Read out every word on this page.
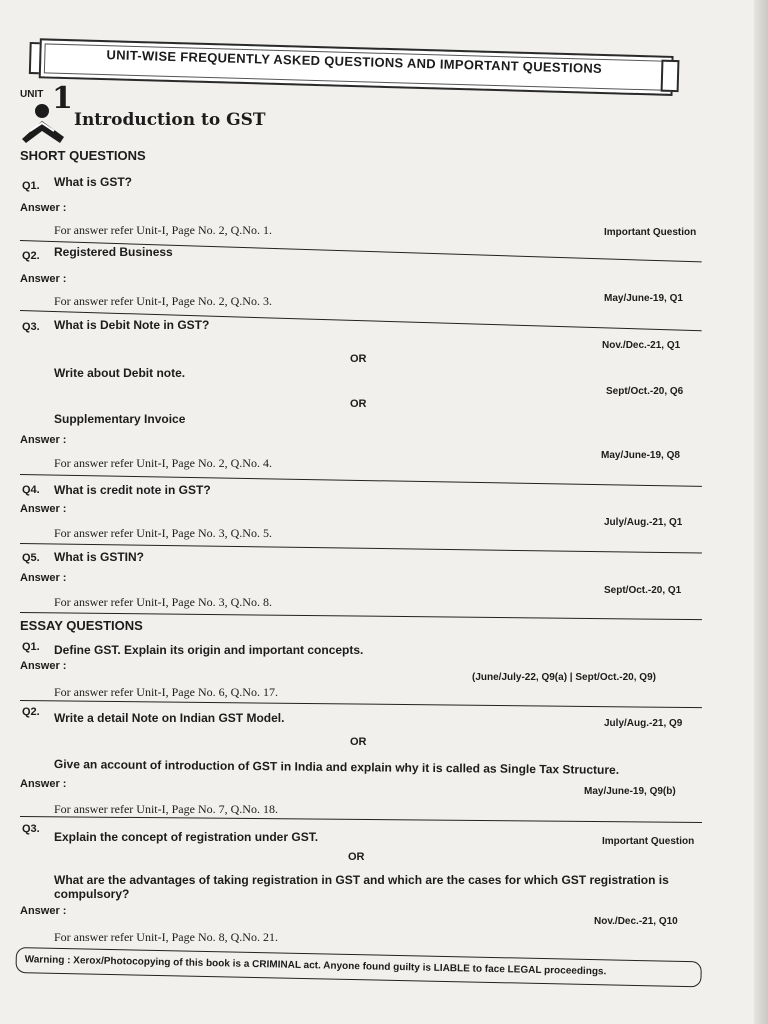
UNIT-WISE FREQUENTLY ASKED QUESTIONS AND IMPORTANT QUESTIONS
UNIT 1
Introduction to GST
SHORT QUESTIONS
Q1. What is GST?
Answer :
For answer refer Unit-I, Page No. 2, Q.No. 1.	Important Question
Q2. Registered Business
Answer :
For answer refer Unit-I, Page No. 2, Q.No. 3.	May/June-19, Q1
Q3. What is Debit Note in GST?
Nov./Dec.-21, Q1
OR
Write about Debit note.
Sept/Oct.-20, Q6
OR
Supplementary Invoice
Answer :
May/June-19, Q8
For answer refer Unit-I, Page No. 2, Q.No. 4.
Q4. What is credit note in GST?
Answer :
July/Aug.-21, Q1
For answer refer Unit-I, Page No. 3, Q.No. 5.
Q5. What is GSTIN?
Answer :
Sept/Oct.-20, Q1
For answer refer Unit-I, Page No. 3, Q.No. 8.
ESSAY QUESTIONS
Q1. Define GST. Explain its origin and important concepts.
Answer :
(June/July-22, Q9(a) | Sept/Oct.-20, Q9)
For answer refer Unit-I, Page No. 6, Q.No. 17.
Q2. Write a detail Note on Indian GST Model.	July/Aug.-21, Q9
OR
Give an account of introduction of GST in India and explain why it is called as Single Tax Structure.
Answer :
May/June-19, Q9(b)
For answer refer Unit-I, Page No. 7, Q.No. 18.
Q3.
Explain the concept of registration under GST.	Important Question
OR
What are the advantages of taking registration in GST and which are the cases for which GST registration is compulsory?
Answer :
Nov./Dec.-21, Q10
For answer refer Unit-I, Page No. 8, Q.No. 21.
Warning : Xerox/Photocopying of this book is a CRIMINAL act. Anyone found guilty is LIABLE to face LEGAL proceedings.
